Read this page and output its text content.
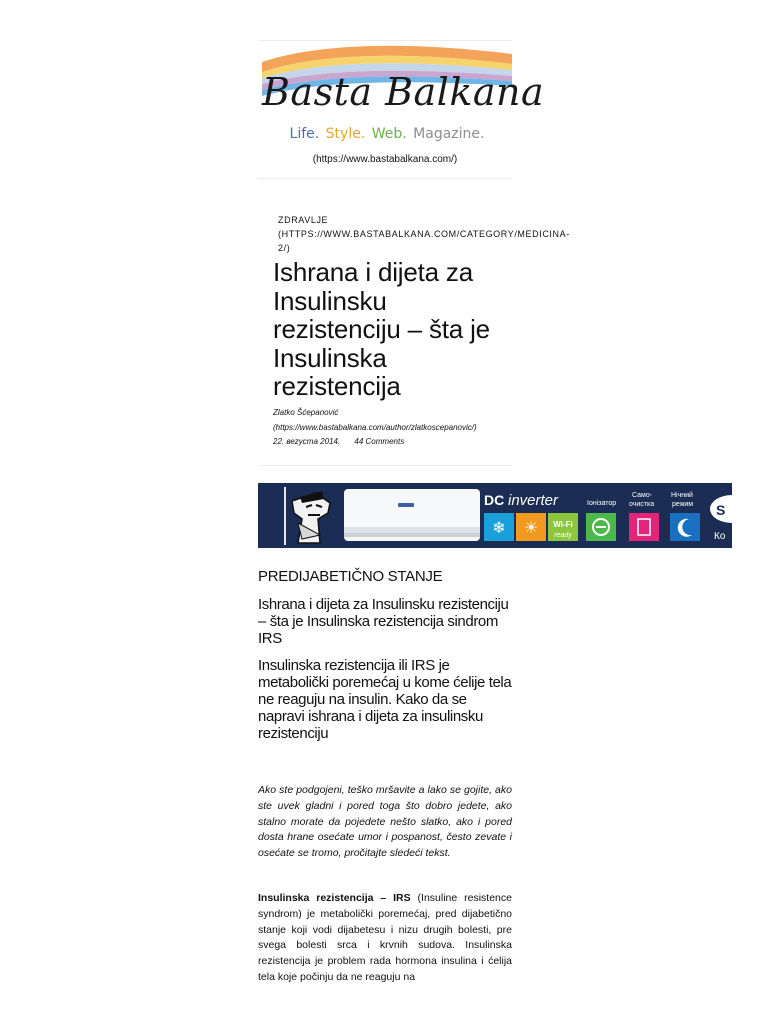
Basta Balkana
Life. Style. Web. Magazine.
(https://www.bastabalkana.com/)
ZDRAVLJE (HTTPS://WWW.BASTABALKANA.COM/CATEGORY/MEDICINA-2/)
Ishrana i dijeta za Insulinsku rezistenciju – šta je Insulinska rezistencija
Zlatko Šćepanović (https://www.bastabalkana.com/author/zlatkoscepanovic/)
22. веzycmа 2014. 44 Comments
DC inverter
❄ ☀ Wi-Fi
ready
Іонізатор
Само-
очистка
Нічний
режим S
Ко
PREDIJABETIČNO STANJE
Ishrana i dijeta za Insulinsku rezistenciju – šta je Insulinska rezistencija sindrom IRS
Insulinska rezistencija ili IRS je metabolički poremećaj u kome ćelije tela ne reaguju na insulin. Kako da se napravi ishrana i dijeta za insulinsku rezistenciju

Ako ste podgojeni, teško mršavite a lako se gojite, ako ste uvek gladni i pored toga što dobro jedete, ako stalno morate da pojedete nešto slatko, ako i pored dosta hrane osećate umor i pospanost, često zevate i osećate se tromo, pročitajte sledeći tekst.

Insulinska rezistencija – IRS (Insuline resistence syndrom) je metabolički poremećaj, pred dijabetično stanje koji vodi dijabetesu i nizu drugih bolesti, pre svega bolesti srca i krvnih sudova. Insulinska rezistencija je problem rada hormona insulina i ćelija tela koje počinju da ne reaguju na
